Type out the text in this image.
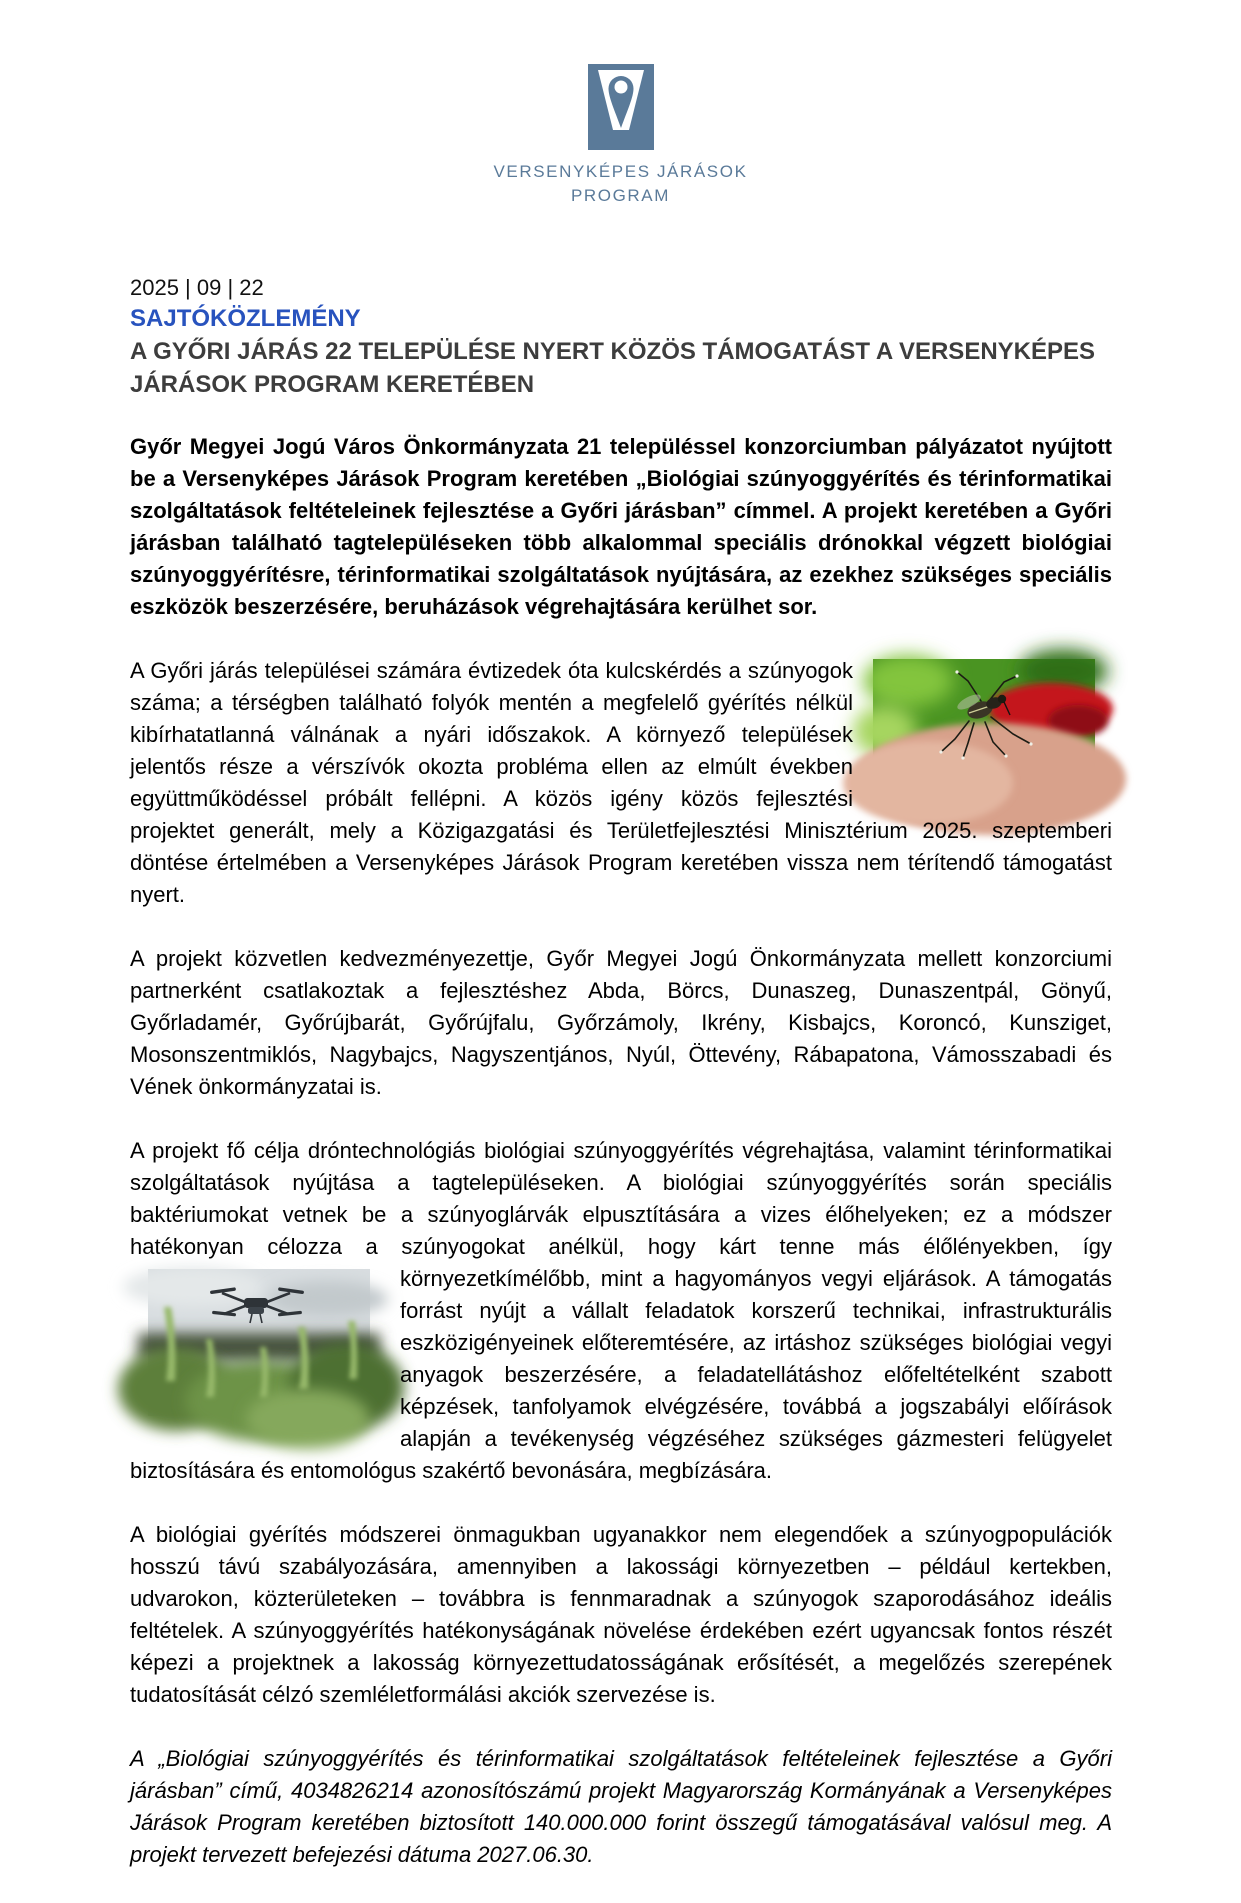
VERSENYKÉPES JÁRÁSOK
PROGRAM
2025 | 09 | 22
SAJTÓKÖZLEMÉNY
A GYŐRI JÁRÁS 22 TELEPÜLÉSE NYERT KÖZÖS TÁMOGATÁST A VERSENYKÉPES JÁRÁSOK PROGRAM KERETÉBEN

Győr Megyei Jogú Város Önkormányzata 21 településsel konzorciumban pályázatot nyújtott be a Versenyképes Járások Program keretében „Biológiai szúnyoggyérítés és térinformatikai szolgáltatások feltételeinek fejlesztése a Győri járásban” címmel. A projekt keretében a Győri járásban található tagtelepüléseken több alkalommal speciális drónokkal végzett biológiai szúnyoggyérítésre, térinformatikai szolgáltatások nyújtására, az ezekhez szükséges speciális eszközök beszerzésére, beruházások végrehajtására kerülhet sor.

A Győri járás települései számára évtizedek óta kulcskérdés a szúnyogok száma; a térségben található folyók mentén a megfelelő gyérítés nélkül kibírhatatlanná válnának a nyári időszakok. A környező települések jelentős része a vérszívók okozta probléma ellen az elmúlt években együttműködéssel próbált fellépni. A közös igény közös fejlesztési projektet generált, mely a Közigazgatási és Területfejlesztési Minisztérium 2025. szeptemberi döntése értelmében a Versenyképes Járások Program keretében vissza nem térítendő támogatást nyert.

A projekt közvetlen kedvezményezettje, Győr Megyei Jogú Önkormányzata mellett konzorciumi partnerként csatlakoztak a fejlesztéshez Abda, Börcs, Dunaszeg, Dunaszentpál, Gönyű, Győrladamér, Győrújbarát, Győrújfalu, Győrzámoly, Ikrény, Kisbajcs, Koroncó, Kunsziget, Mosonszentmiklós, Nagybajcs, Nagyszentjános, Nyúl, Öttevény, Rábapatona, Vámosszabadi és Vének önkormányzatai is.

A projekt fő célja dróntechnológiás biológiai szúnyoggyérítés végrehajtása, valamint térinformatikai szolgáltatások nyújtása a tagtelepüléseken. A biológiai szúnyoggyérítés során speciális baktériumokat vetnek be a szúnyoglárvák elpusztítására a vizes élőhelyeken; ez a módszer hatékonyan célozza a szúnyogokat anélkül, hogy kárt tenne más élőlényekben, így
környezetkímélőbb, mint a hagyományos vegyi eljárások. A támogatás forrást nyújt a vállalt feladatok korszerű technikai, infrastrukturális eszközigényeinek előteremtésére, az irtáshoz szükséges biológiai vegyi anyagok beszerzésére, a feladatellátáshoz előfeltételként szabott képzések, tanfolyamok elvégzésére, továbbá a jogszabályi előírások alapján a tevékenység végzéséhez szükséges gázmesteri felügyelet biztosítására és entomológus szakértő bevonására, megbízására.

A biológiai gyérítés módszerei önmagukban ugyanakkor nem elegendőek a szúnyogpopulációk hosszú távú szabályozására, amennyiben a lakossági környezetben – például kertekben, udvarokon, közterületeken – továbbra is fennmaradnak a szúnyogok szaporodásához ideális feltételek. A szúnyoggyérítés hatékonyságának növelése érdekében ezért ugyancsak fontos részét képezi a projektnek a lakosság környezettudatosságának erősítését, a megelőzés szerepének tudatosítását célzó szemléletformálási akciók szervezése is.

A „Biológiai szúnyoggyérítés és térinformatikai szolgáltatások feltételeinek fejlesztése a Győri járásban” című, 4034826214 azonosítószámú projekt Magyarország Kormányának a Versenyképes Járások Program keretében biztosított 140.000.000 forint összegű támogatásával valósul meg. A projekt tervezett befejezési dátuma 2027.06.30.
